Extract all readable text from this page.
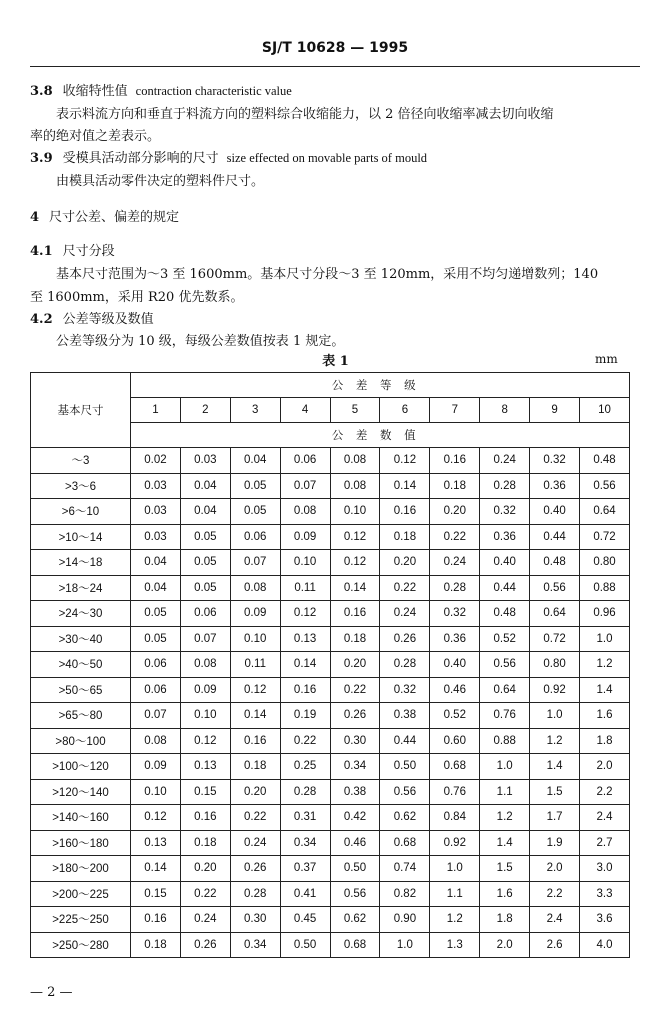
SJ/T 10628 — 1995
3.8 收缩特性值 contraction characteristic value
表示料流方向和垂直于料流方向的塑料综合收缩能力，以 2 倍径向收缩率减去切向收缩
率的绝对值之差表示。
3.9 受模具活动部分影响的尺寸 size effected on movable parts of mould
由模具活动零件决定的塑料件尺寸。
4 尺寸公差、偏差的规定
4.1 尺寸分段
基本尺寸范围为～3 至 1600mm。基本尺寸分段～3 至 120mm，采用不均匀递增数列；140
至 1600mm，采用 R20 优先数系。
4.2 公差等级及数值
公差等级分为 10 级，每级公差数值按表 1 规定。
表 1	mm
基本尺寸	公差等级									
	1	2	3	4	5	6	7	8	9	10
	公差数值									
～3	0.02	0.03	0.04	0.06	0.08	0.12	0.16	0.24	0.32	0.48
>3～6	0.03	0.04	0.05	0.07	0.08	0.14	0.18	0.28	0.36	0.56
>6～10	0.03	0.04	0.05	0.08	0.10	0.16	0.20	0.32	0.40	0.64
>10～14	0.03	0.05	0.06	0.09	0.12	0.18	0.22	0.36	0.44	0.72
>14～18	0.04	0.05	0.07	0.10	0.12	0.20	0.24	0.40	0.48	0.80
>18～24	0.04	0.05	0.08	0.11	0.14	0.22	0.28	0.44	0.56	0.88
>24～30	0.05	0.06	0.09	0.12	0.16	0.24	0.32	0.48	0.64	0.96
>30～40	0.05	0.07	0.10	0.13	0.18	0.26	0.36	0.52	0.72	1.0
>40～50	0.06	0.08	0.11	0.14	0.20	0.28	0.40	0.56	0.80	1.2
>50～65	0.06	0.09	0.12	0.16	0.22	0.32	0.46	0.64	0.92	1.4
>65～80	0.07	0.10	0.14	0.19	0.26	0.38	0.52	0.76	1.0	1.6
>80～100	0.08	0.12	0.16	0.22	0.30	0.44	0.60	0.88	1.2	1.8
>100～120	0.09	0.13	0.18	0.25	0.34	0.50	0.68	1.0	1.4	2.0
>120～140	0.10	0.15	0.20	0.28	0.38	0.56	0.76	1.1	1.5	2.2
>140～160	0.12	0.16	0.22	0.31	0.42	0.62	0.84	1.2	1.7	2.4
>160～180	0.13	0.18	0.24	0.34	0.46	0.68	0.92	1.4	1.9	2.7
>180～200	0.14	0.20	0.26	0.37	0.50	0.74	1.0	1.5	2.0	3.0
>200～225	0.15	0.22	0.28	0.41	0.56	0.82	1.1	1.6	2.2	3.3
>225～250	0.16	0.24	0.30	0.45	0.62	0.90	1.2	1.8	2.4	3.6
>250～280	0.18	0.26	0.34	0.50	0.68	1.0	1.3	2.0	2.6	4.0
— 2 —
